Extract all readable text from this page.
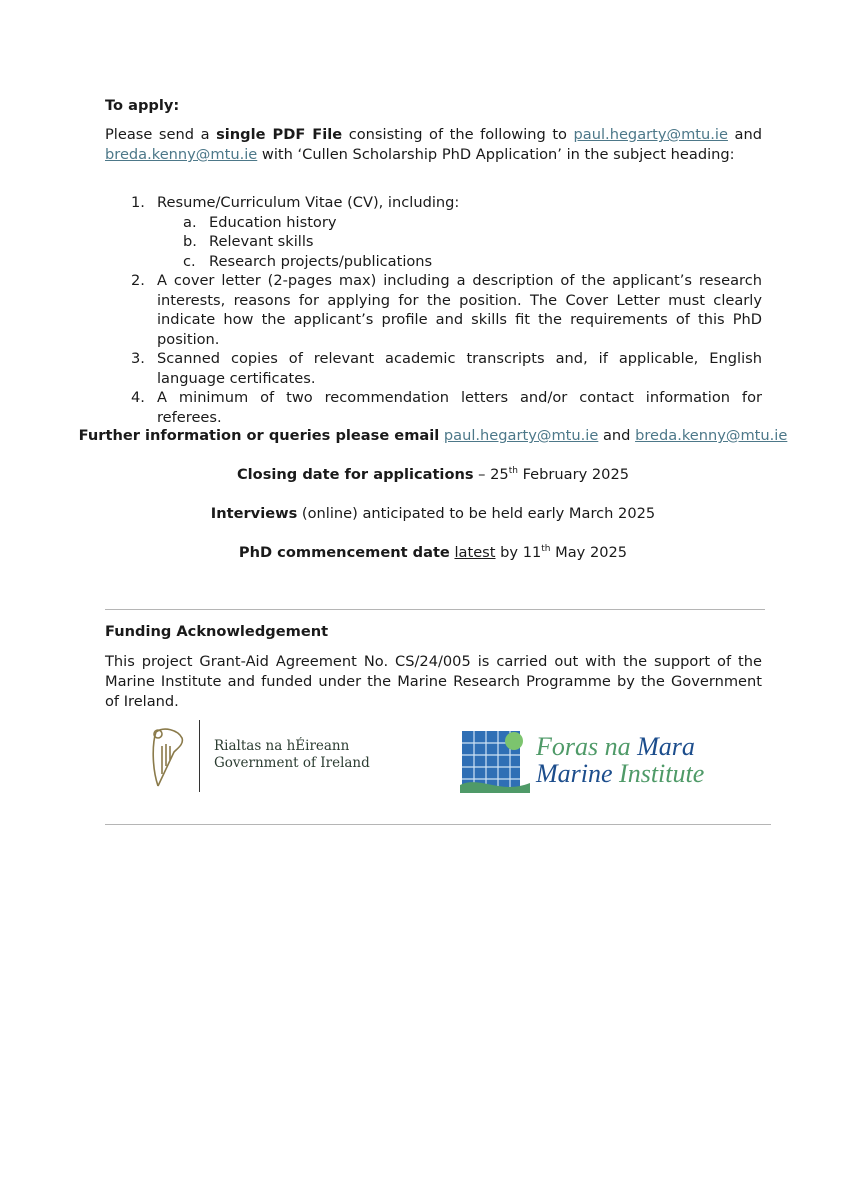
To apply:

Please send a single PDF File consisting of the following to paul.hegarty@mtu.ie and breda.kenny@mtu.ie with ‘Cullen Scholarship PhD Application’ in the subject heading:

1. Resume/Curriculum Vitae (CV), including:
a. Education history
b. Relevant skills
c. Research projects/publications
2. A cover letter (2-pages max) including a description of the applicant’s research interests, reasons for applying for the position. The Cover Letter must clearly indicate how the applicant’s profile and skills fit the requirements of this PhD position.
3. Scanned copies of relevant academic transcripts and, if applicable, English language certificates.
4. A minimum of two recommendation letters and/or contact information for referees.

Further information or queries please email paul.hegarty@mtu.ie and breda.kenny@mtu.ie

Closing date for applications – 25th February 2025

Interviews (online) anticipated to be held early March 2025

PhD commencement date latest by 11th May 2025

Funding Acknowledgement

This project Grant-Aid Agreement No. CS/24/005 is carried out with the support of the Marine Institute and funded under the Marine Research Programme by the Government of Ireland.

Rialtas na hÉireann
Government of Ireland
Foras na Mara
Marine Institute
